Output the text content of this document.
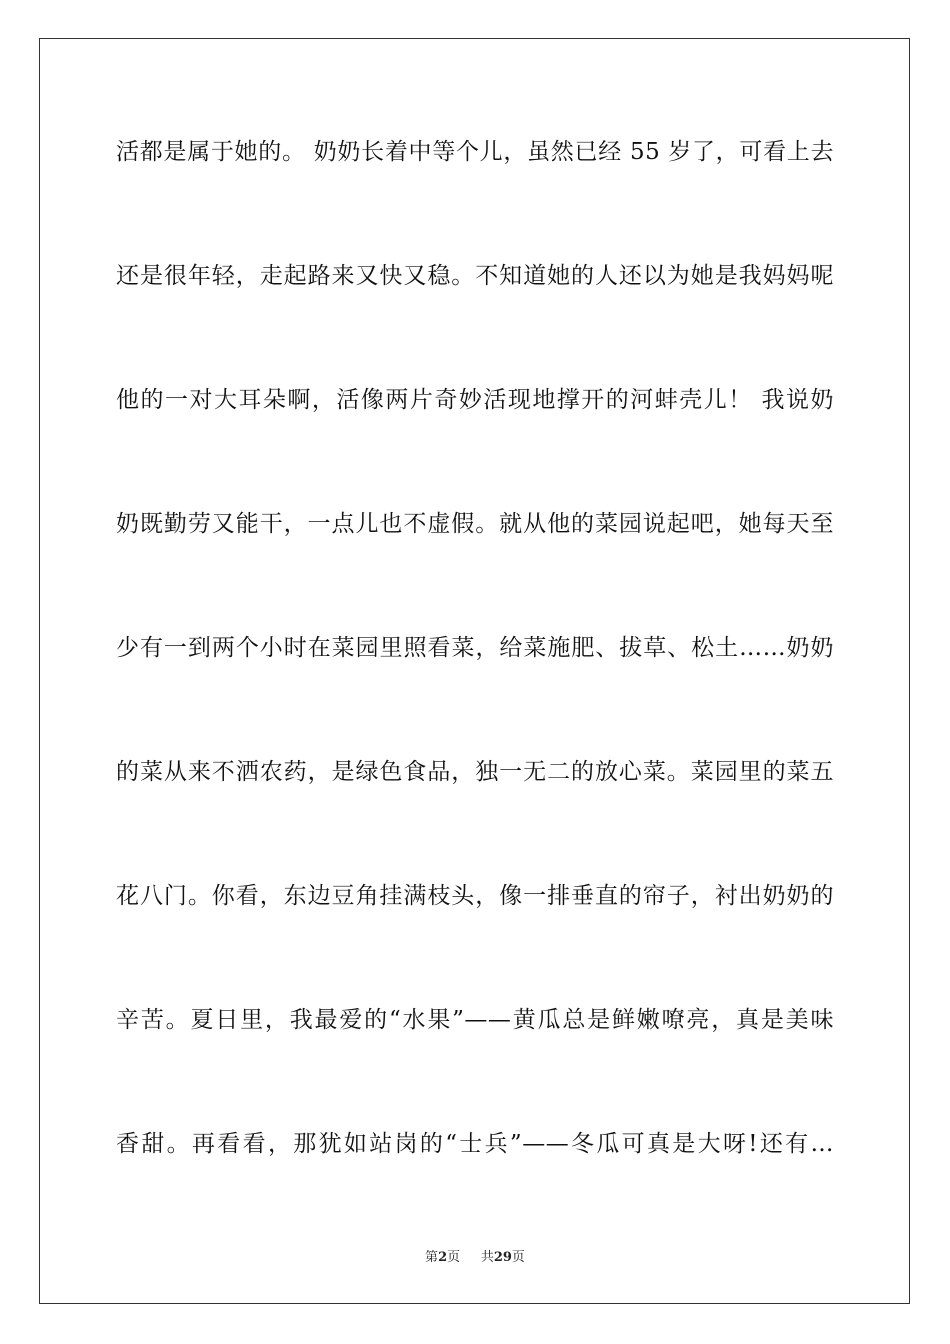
活都是属于她的。 奶奶长着中等个儿，虽然已经 55 岁了，可看上去
还是很年轻，走起路来又快又稳。不知道她的人还以为她是我妈妈呢
他的一对大耳朵啊，活像两片奇妙活现地撑开的河蚌壳儿！ 我说奶
奶既勤劳又能干，一点儿也不虚假。就从他的菜园说起吧，她每天至
少有一到两个小时在菜园里照看菜，给菜施肥、拔草、松土……奶奶
的菜从来不洒农药，是绿色食品，独一无二的放心菜。菜园里的菜五
花八门。你看，东边豆角挂满枝头，像一排垂直的帘子，衬出奶奶的
辛苦。夏日里，我最爱的“水果”——黄瓜总是鲜嫩嘹亮，真是美味
香甜。再看看，那犹如站岗的“士兵”——冬瓜可真是大呀!还有…
第2页 共29页
